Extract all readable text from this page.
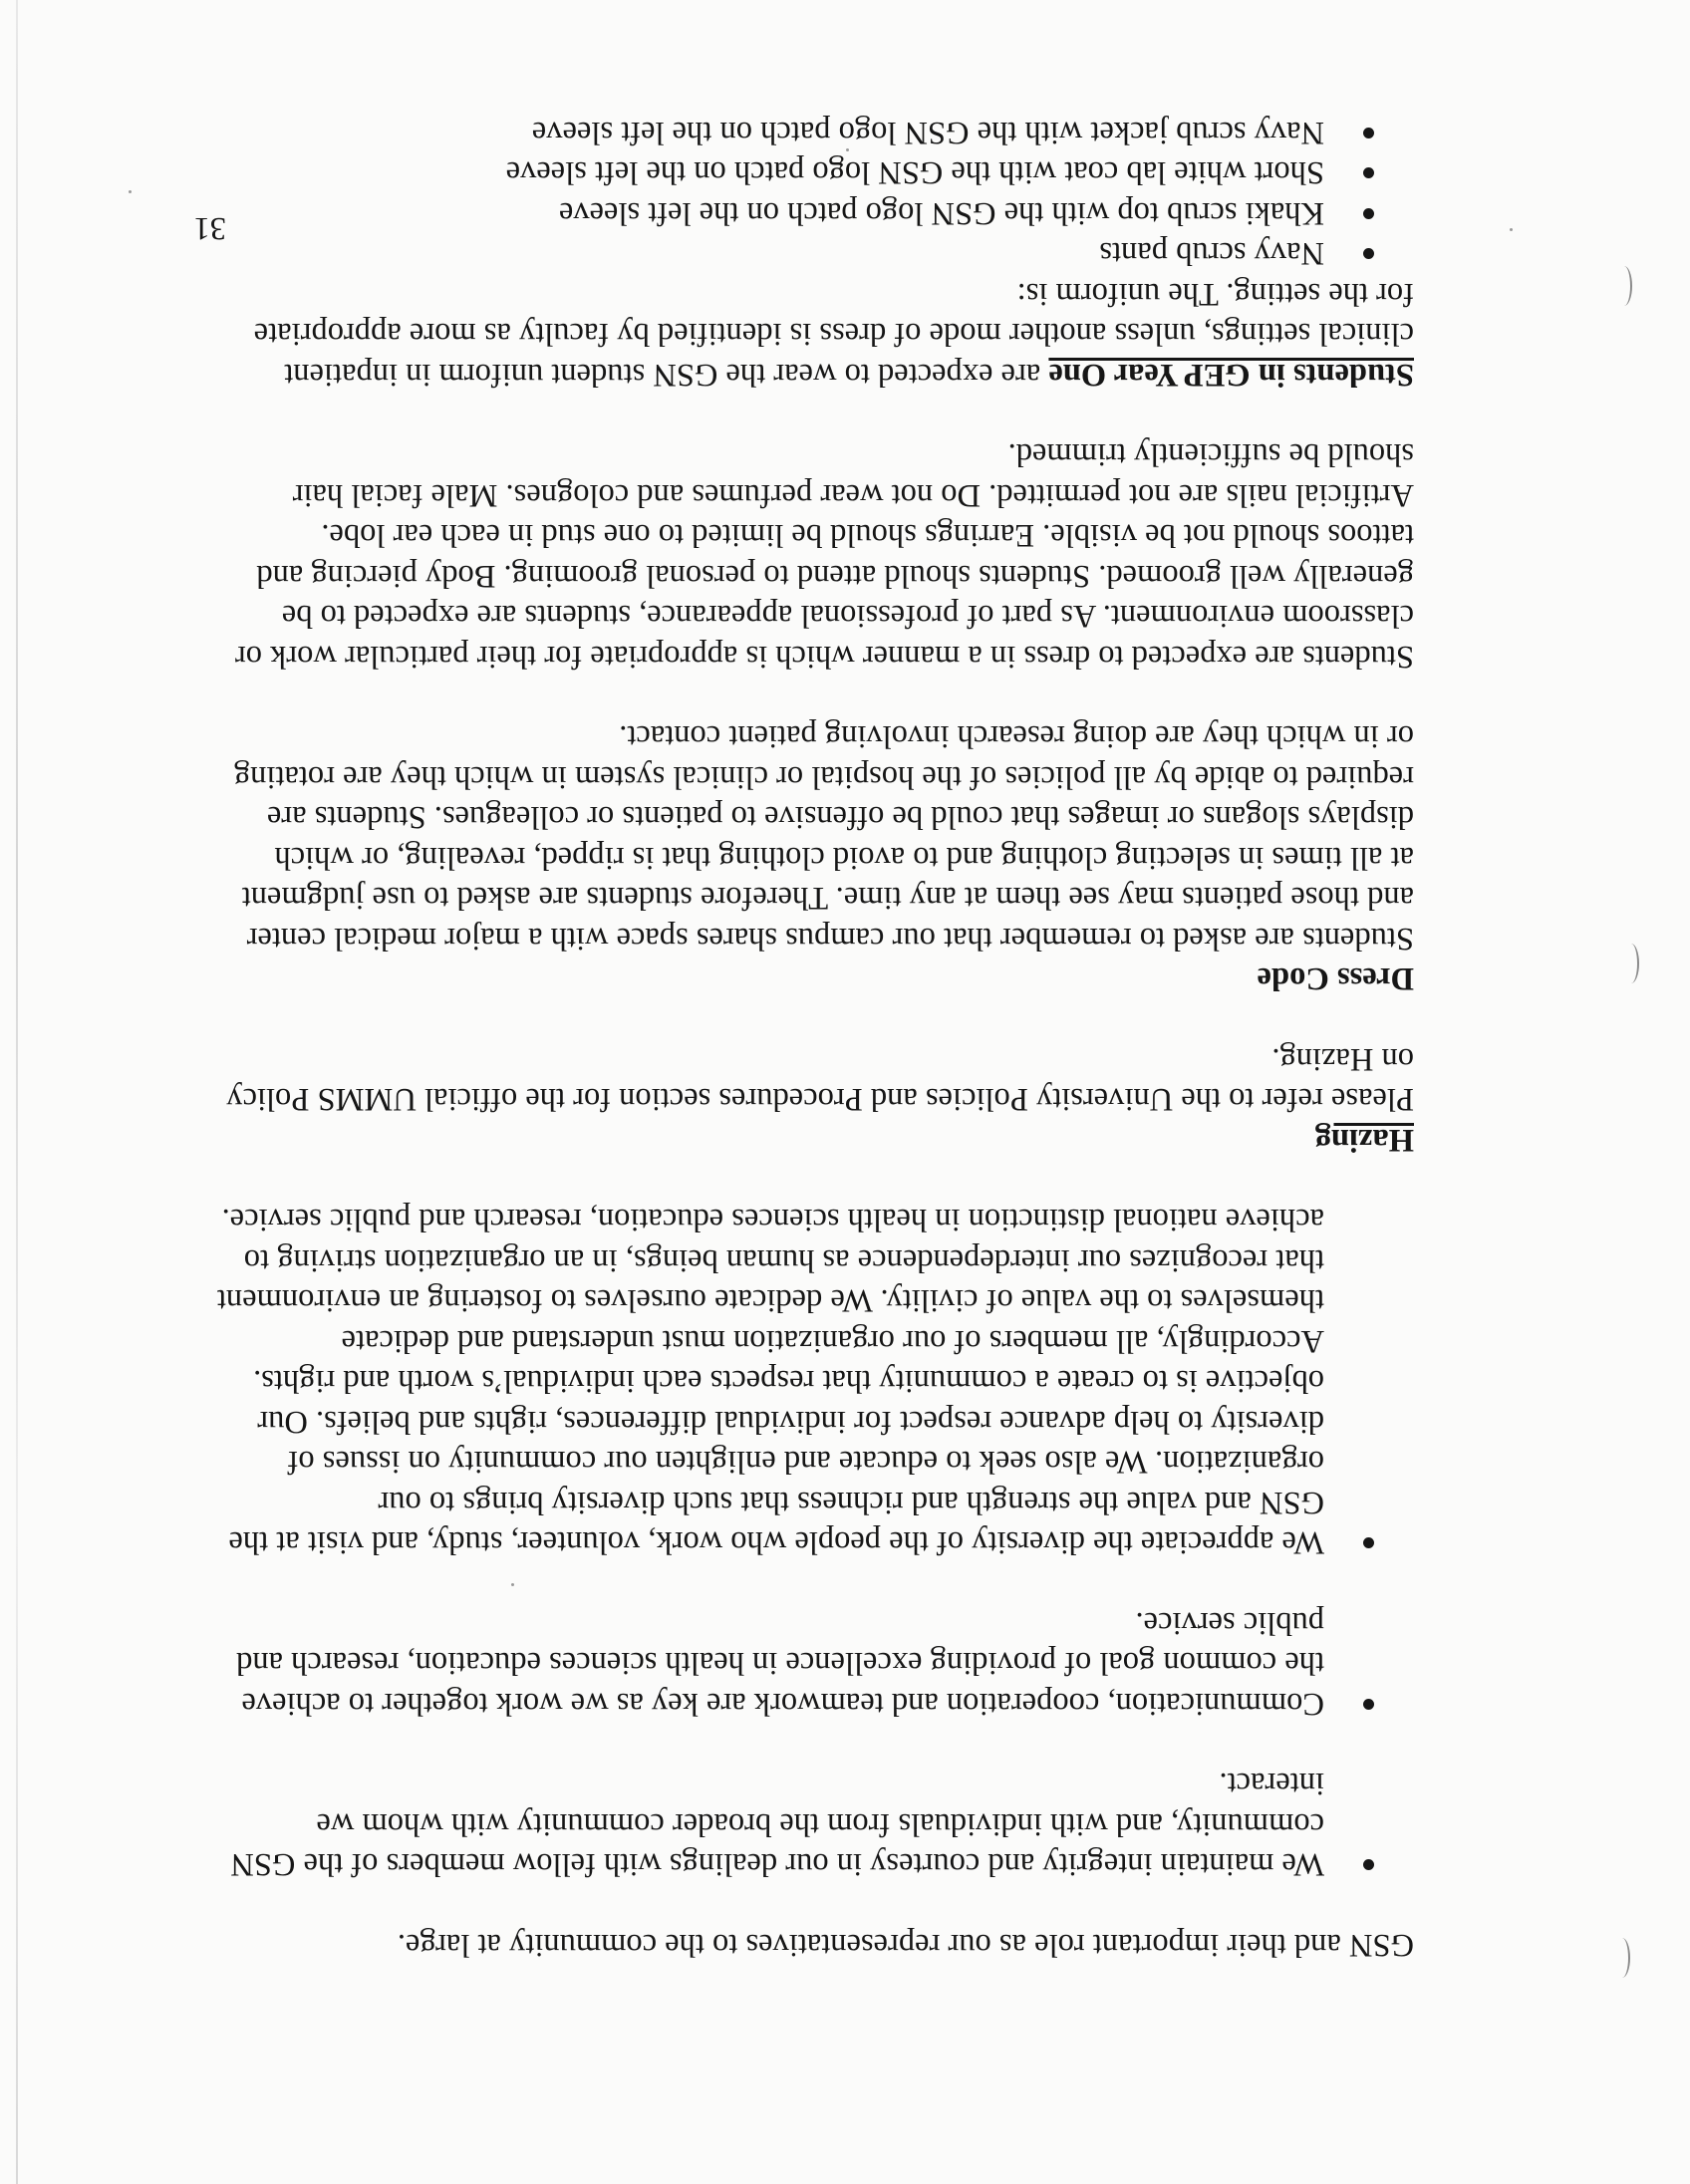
GSN and their important role as our representatives to the community at large.

We maintain integrity and courtesy in our dealings with fellow members of the GSN community, and with individuals from the broader community with whom we interact.
Communication, cooperation and teamwork are key as we work together to achieve the common goal of providing excellence in health sciences education, research and public service.
We appreciate the diversity of the people who work, volunteer, study, and visit at the GSN and value the strength and richness that such diversity brings to our organization. We also seek to educate and enlighten our community on issues of diversity to help advance respect for individual differences, rights and beliefs. Our objective is to create a community that respects each individual’s worth and rights. Accordingly, all members of our organization must understand and dedicate themselves to the value of civility. We dedicate ourselves to fostering an environment that recognizes our interdependence as human beings, in an organization striving to achieve national distinction in health sciences education, research and public service.

Hazing

Please refer to the University Policies and Procedures section for the official UMMS Policy on Hazing.

Dress Code

Students are asked to remember that our campus shares space with a major medical center and those patients may see them at any time. Therefore students are asked to use judgment at all times in selecting clothing and to avoid clothing that is ripped, revealing, or which displays slogans or images that could be offensive to patients or colleagues. Students are required to abide by all policies of the hospital or clinical system in which they are rotating or in which they are doing research involving patient contact.

Students are expected to dress in a manner which is appropriate for their particular work or classroom environment. As part of professional appearance, students are expected to be generally well groomed. Students should attend to personal grooming. Body piercing and tattoos should not be visible. Earrings should be limited to one stud in each ear lobe. Artificial nails are not permitted. Do not wear perfumes and colognes. Male facial hair should be sufficiently trimmed.

Students in GEP Year One are expected to wear the GSN student uniform in inpatient clinical settings, unless another mode of dress is identified by faculty as more appropriate for the setting. The uniform is:

Navy scrub pants
Khaki scrub top with the GSN logo patch on the left sleeve
Short white lab coat with the GSN logo patch on the left sleeve
Navy scrub jacket with the GSN logo patch on the left sleeve
31
